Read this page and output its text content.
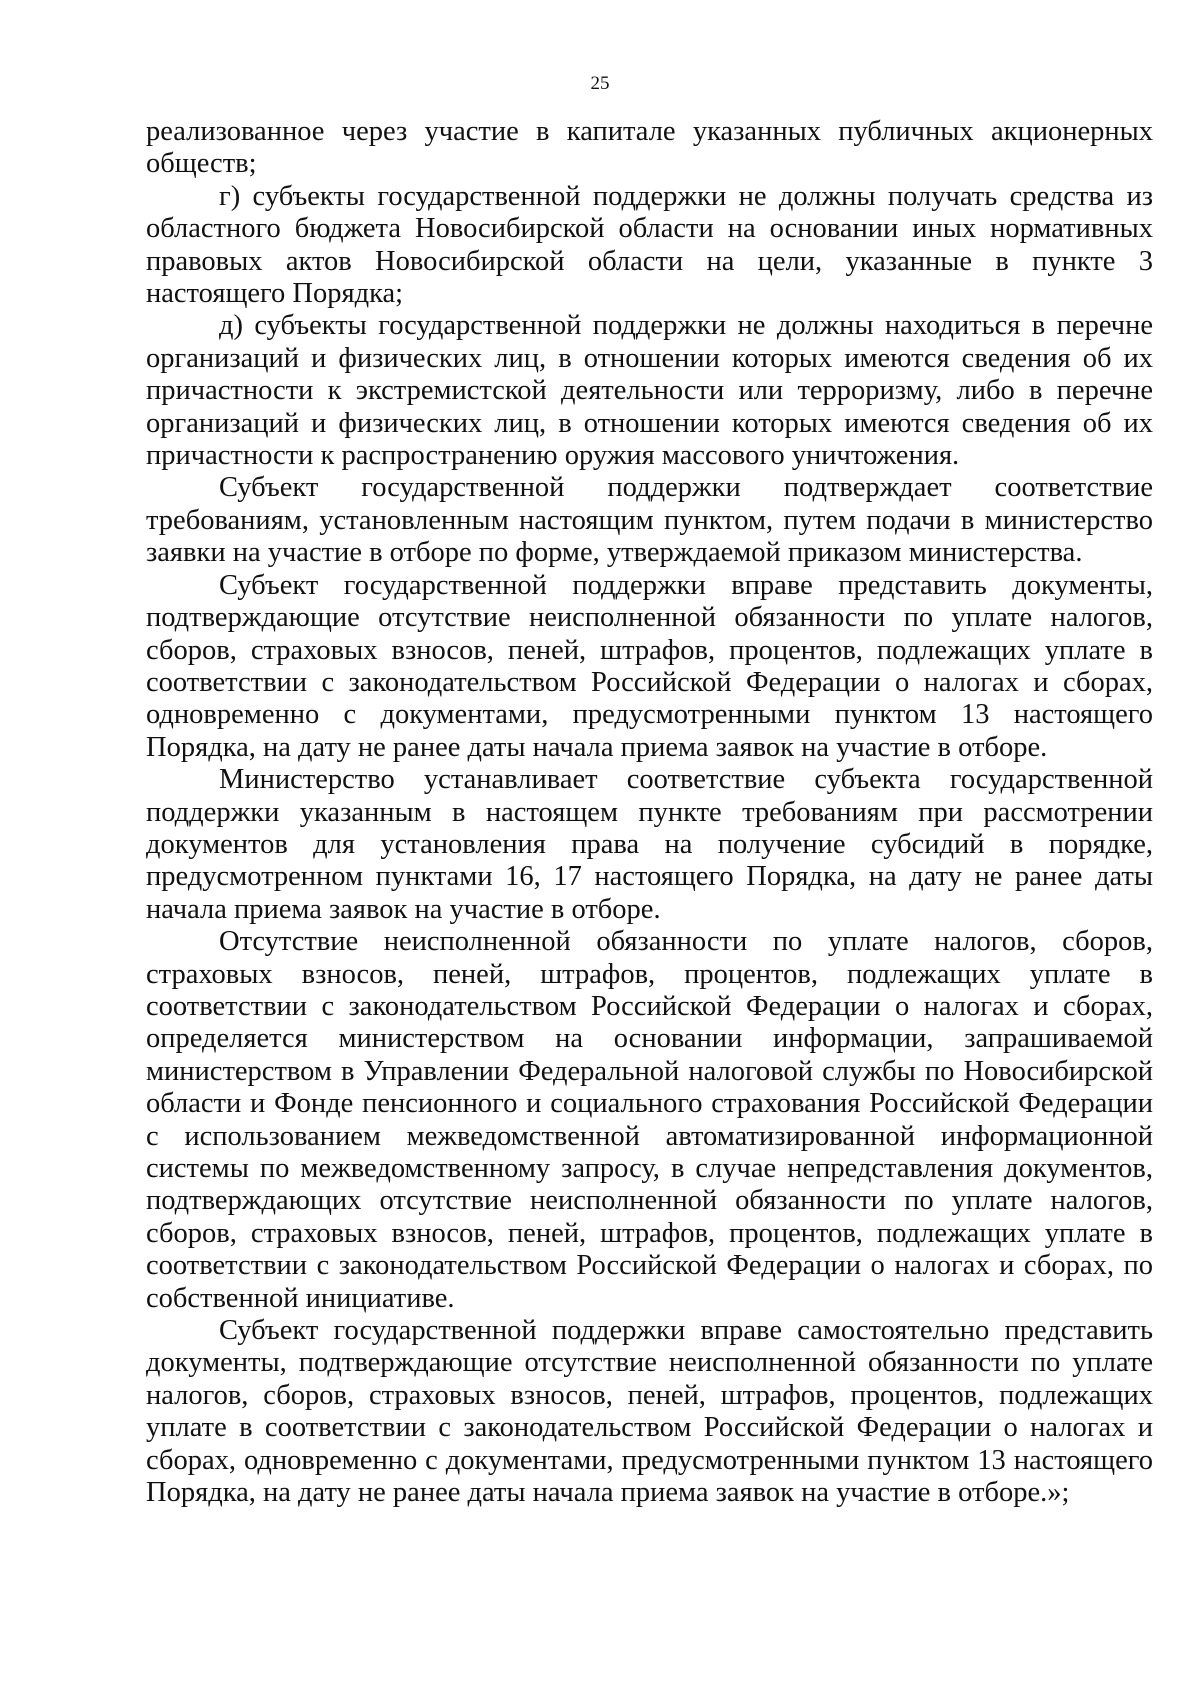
25

реализованное через участие в капитале указанных публичных акционерных обществ;

г) субъекты государственной поддержки не должны получать средства из областного бюджета Новосибирской области на основании иных нормативных правовых актов Новосибирской области на цели, указанные в пункте 3 настоящего Порядка;

д) субъекты государственной поддержки не должны находиться в перечне организаций и физических лиц, в отношении которых имеются сведения об их причастности к экстремистской деятельности или терроризму, либо в перечне организаций и физических лиц, в отношении которых имеются сведения об их причастности к распространению оружия массового уничтожения.

Субъект государственной поддержки подтверждает соответствие требованиям, установленным настоящим пунктом, путем подачи в министерство заявки на участие в отборе по форме, утверждаемой приказом министерства.

Субъект государственной поддержки вправе представить документы, подтверждающие отсутствие неисполненной обязанности по уплате налогов, сборов, страховых взносов, пеней, штрафов, процентов, подлежащих уплате в соответствии с законодательством Российской Федерации о налогах и сборах, одновременно с документами, предусмотренными пунктом 13 настоящего Порядка, на дату не ранее даты начала приема заявок на участие в отборе.

Министерство устанавливает соответствие субъекта государственной поддержки указанным в настоящем пункте требованиям при рассмотрении документов для установления права на получение субсидий в порядке, предусмотренном пунктами 16, 17 настоящего Порядка, на дату не ранее даты начала приема заявок на участие в отборе.

Отсутствие неисполненной обязанности по уплате налогов, сборов, страховых взносов, пеней, штрафов, процентов, подлежащих уплате в соответствии с законодательством Российской Федерации о налогах и сборах, определяется министерством на основании информации, запрашиваемой министерством в Управлении Федеральной налоговой службы по Новосибирской области и Фонде пенсионного и социального страхования Российской Федерации с использованием межведомственной автоматизированной информационной системы по межведомственному запросу, в случае непредставления документов, подтверждающих отсутствие неисполненной обязанности по уплате налогов, сборов, страховых взносов, пеней, штрафов, процентов, подлежащих уплате в соответствии с законодательством Российской Федерации о налогах и сборах, по собственной инициативе.

Субъект государственной поддержки вправе самостоятельно представить документы, подтверждающие отсутствие неисполненной обязанности по уплате налогов, сборов, страховых взносов, пеней, штрафов, процентов, подлежащих уплате в соответствии с законодательством Российской Федерации о налогах и сборах, одновременно с документами, предусмотренными пунктом 13 настоящего Порядка, на дату не ранее даты начала приема заявок на участие в отборе.»;
